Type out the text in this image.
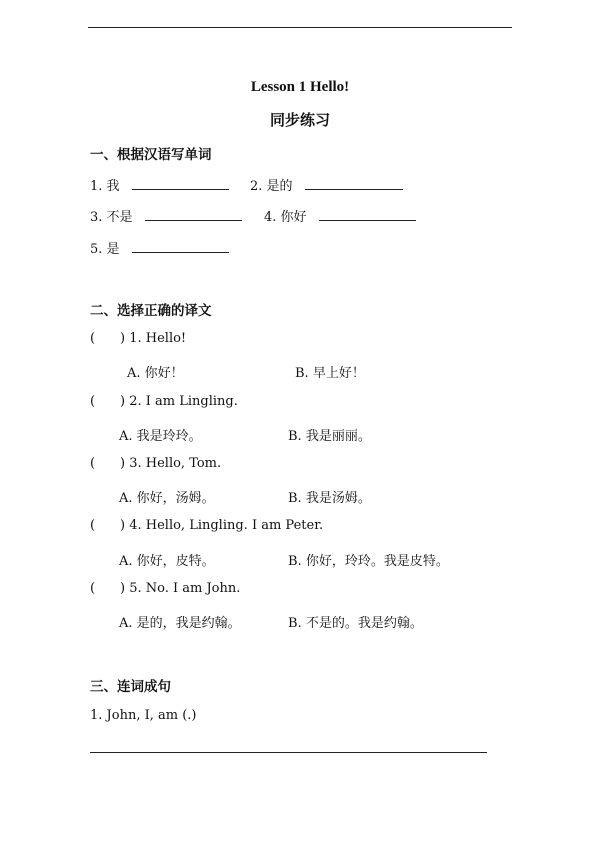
Lesson 1 Hello!
同步练习
一、根据汉语写单词
1. 我	2. 是的
3. 不是	4. 你好
5. 是
二、选择正确的译文
( ) 1. Hello!
A. 你好！	B. 早上好！
( ) 2. I am Lingling.
A. 我是玲玲。	B. 我是丽丽。
( ) 3. Hello, Tom.
A. 你好，汤姆。	B. 我是汤姆。
( ) 4. Hello, Lingling. I am Peter.
A. 你好，皮特。	B. 你好，玲玲。我是皮特。
( ) 5. No. I am John.
A. 是的，我是约翰。	B. 不是的。我是约翰。
三、连词成句
1. John, I, am (.)
